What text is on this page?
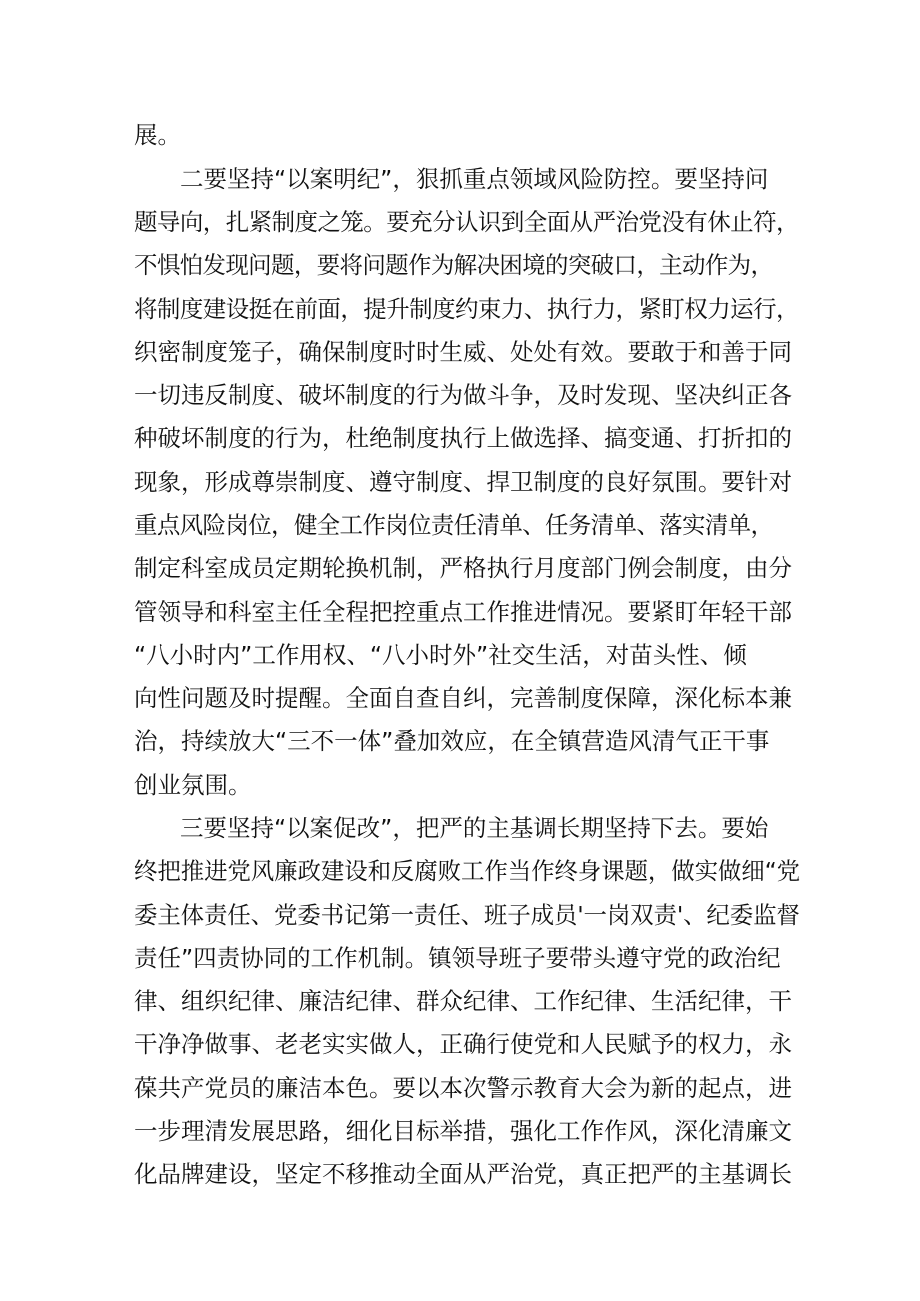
展。
二要坚持“以案明纪”，狠抓重点领域风险防控。要坚持问
题导向，扎紧制度之笼。要充分认识到全面从严治党没有休止符，
不惧怕发现问题，要将问题作为解决困境的突破口，主动作为，
将制度建设挺在前面，提升制度约束力、执行力，紧盯权力运行，
织密制度笼子，确保制度时时生威、处处有效。要敢于和善于同
一切违反制度、破坏制度的行为做斗争，及时发现、坚决纠正各
种破坏制度的行为，杜绝制度执行上做选择、搞变通、打折扣的
现象，形成尊崇制度、遵守制度、捍卫制度的良好氛围。要针对
重点风险岗位，健全工作岗位责任清单、任务清单、落实清单，
制定科室成员定期轮换机制，严格执行月度部门例会制度，由分
管领导和科室主任全程把控重点工作推进情况。要紧盯年轻干部
“八小时内”工作用权、“八小时外”社交生活，对苗头性、倾
向性问题及时提醒。全面自查自纠，完善制度保障，深化标本兼
治，持续放大“三不一体”叠加效应，在全镇营造风清气正干事
创业氛围。
三要坚持“以案促改”，把严的主基调长期坚持下去。要始
终把推进党风廉政建设和反腐败工作当作终身课题，做实做细“党
委主体责任、党委书记第一责任、班子成员'一岗双责'、纪委监督
责任”四责协同的工作机制。镇领导班子要带头遵守党的政治纪
律、组织纪律、廉洁纪律、群众纪律、工作纪律、生活纪律，干
干净净做事、老老实实做人，正确行使党和人民赋予的权力，永
葆共产党员的廉洁本色。要以本次警示教育大会为新的起点，进
一步理清发展思路，细化目标举措，强化工作作风，深化清廉文
化品牌建设，坚定不移推动全面从严治党，真正把严的主基调长
